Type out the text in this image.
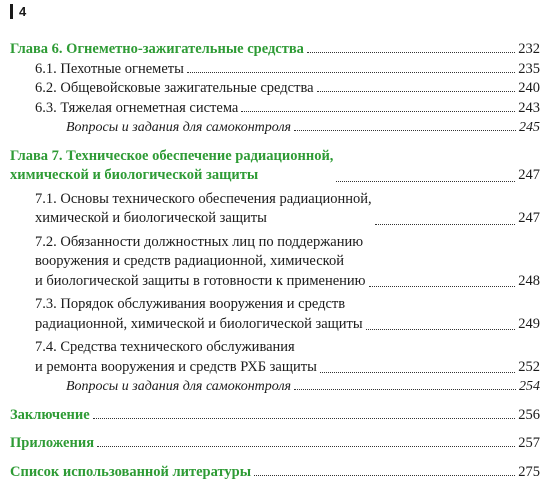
4
Глава 6. Огнеметно-зажигательные средства	232
6.1. Пехотные огнеметы	235
6.2. Общевойсковые зажигательные средства	240
6.3. Тяжелая огнеметная система	243
Вопросы и задания для самоконтроля	245
Глава 7. Техническое обеспечение радиационной,
химической и биологической защиты	247
7.1. Основы технического обеспечения радиационной,
химической и биологической защиты	247
7.2. Обязанности должностных лиц по поддержанию
вооружения и средств радиационной, химической
и биологической защиты в готовности к применению	248
7.3. Порядок обслуживания вооружения и средств
радиационной, химической и биологической защиты	249
7.4. Средства технического обслуживания
и ремонта вооружения и средств РХБ защиты	252
Вопросы и задания для самоконтроля	254
Заключение	256
Приложения	257
Список использованной литературы	275
